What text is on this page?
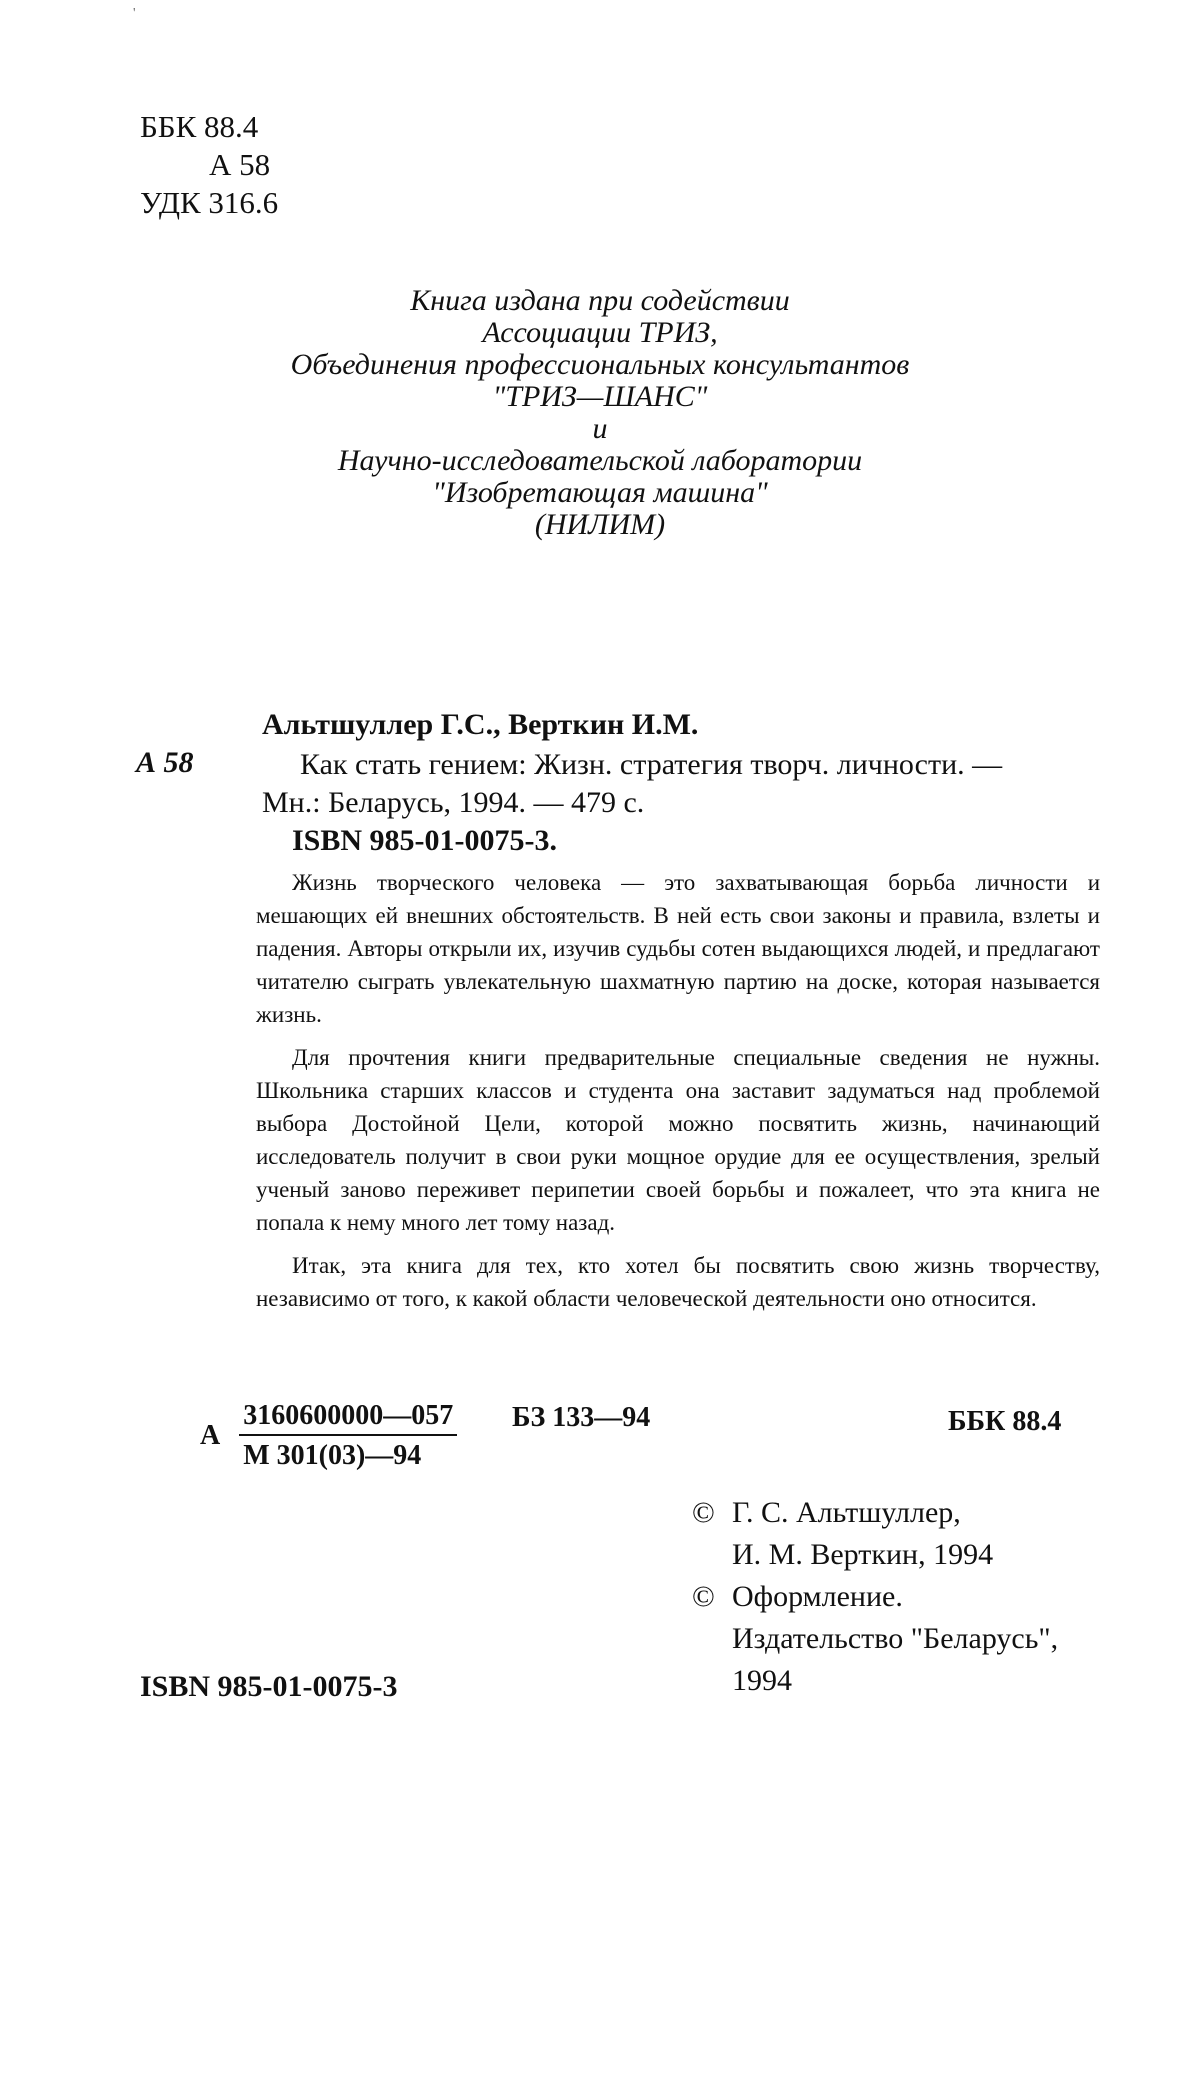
'
ББК 88.4
А 58
УДК 316.6
Книга издана при содействии
Ассоциации ТРИЗ,
Объединения профессиональных консультантов
"ТРИЗ—ШАНС"
и
Научно-исследовательской лаборатории
"Изобретающая машина"
(НИЛИМ)
Альтшуллер Г.С., Верткин И.М.
А 58	Как стать гением: Жизн. стратегия творч. личности. —
Мн.: Беларусь, 1994. — 479 с.
ISBN 985-01-0075-3.

Жизнь творческого человека — это захватывающая борьба личности и мешающих ей внешних обстоятельств. В ней есть свои законы и правила, взлеты и падения. Авторы открыли их, изучив судьбы сотен выдающихся людей, и предлагают читателю сыграть увлекательную шахматную партию на доске, которая называется жизнь.

Для прочтения книги предварительные специальные сведения не нужны. Школьника старших классов и студента она заставит задуматься над проблемой выбора Достойной Цели, которой можно посвятить жизнь, начинающий исследователь получит в свои руки мощное орудие для ее осуществления, зрелый ученый заново переживет перипетии своей борьбы и пожалеет, что эта книга не попала к нему много лет тому назад.

Итак, эта книга для тех, кто хотел бы посвятить свою жизнь творчеству, независимо от того, к какой области человеческой деятельности оно относится.

А
3160600000—057
М 301(03)—94
БЗ 133—94	ББК 88.4
© Г. С. Альтшуллер,
И. М. Верткин, 1994
© Оформление.
Издательство "Беларусь",
1994
ISBN 985-01-0075-3
